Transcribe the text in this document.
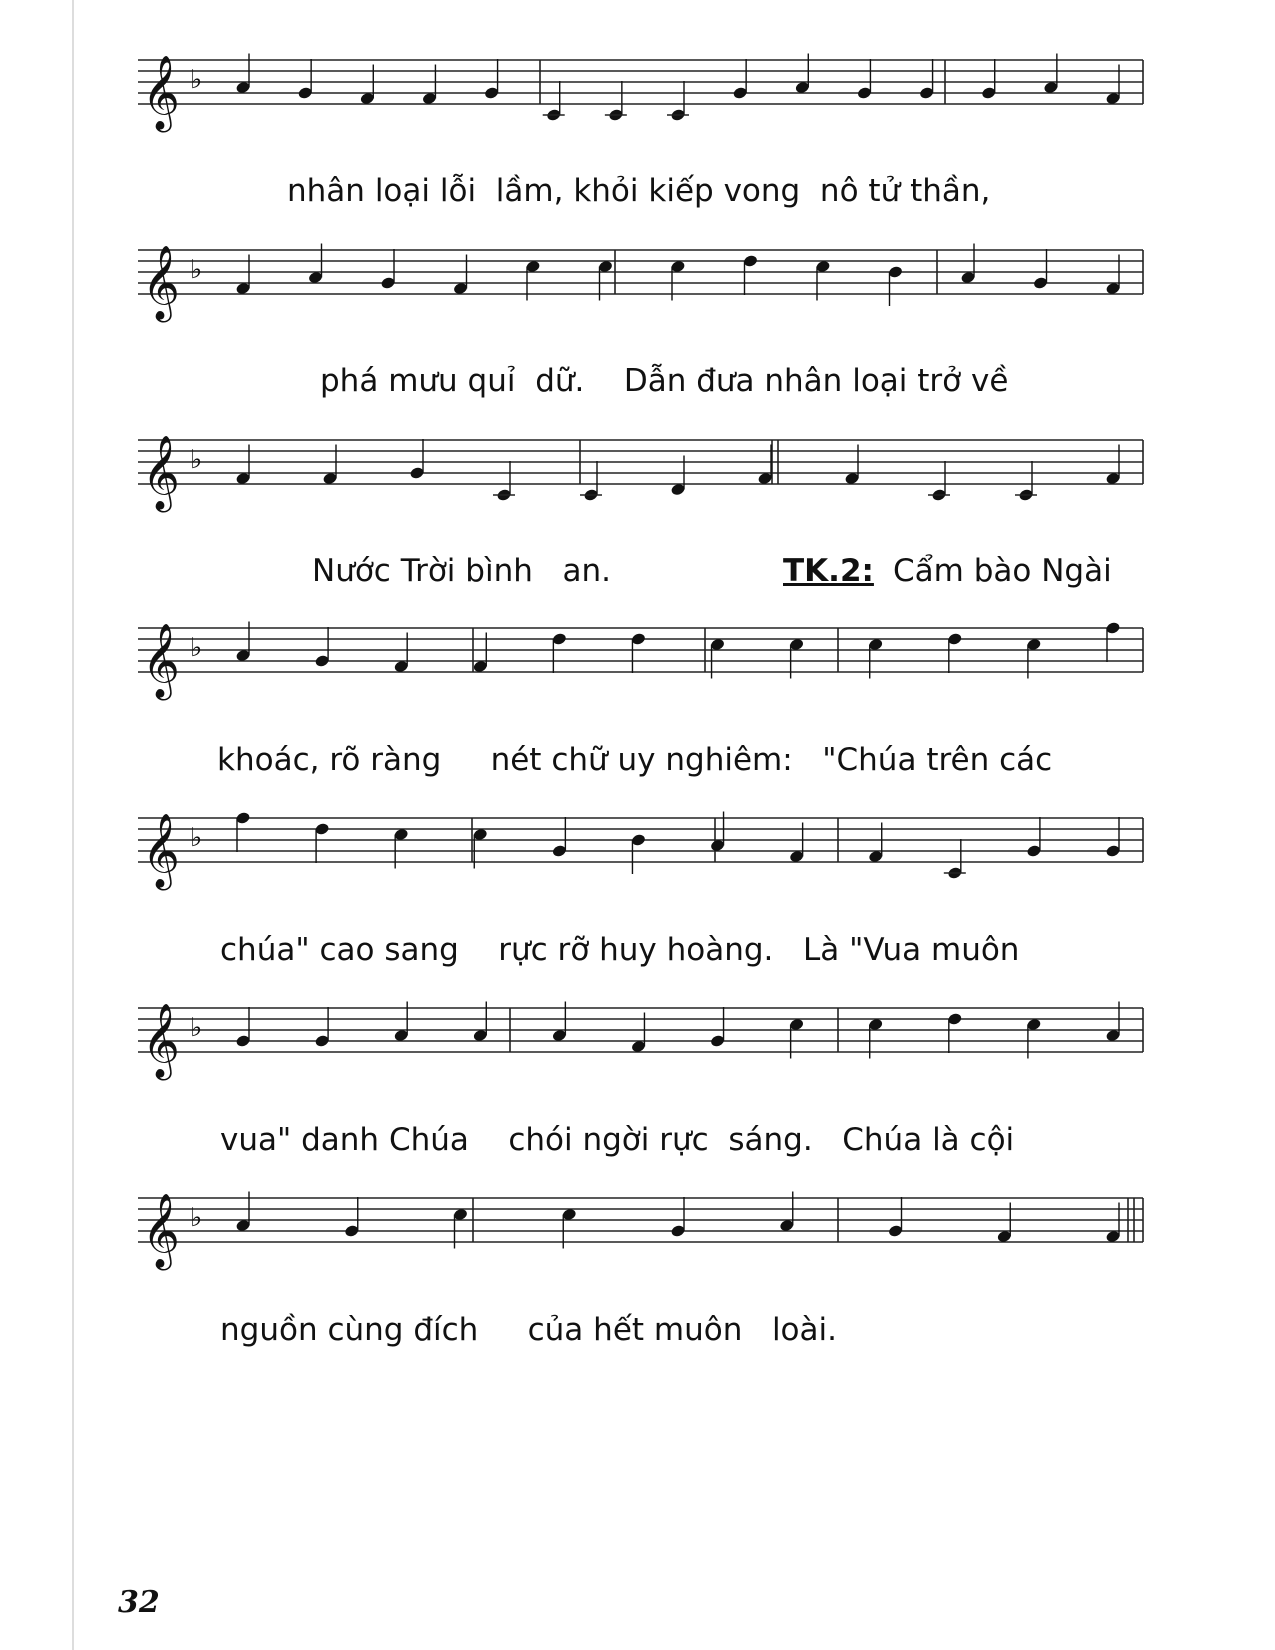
𝄞 ♭
𝄞 ♭
𝄞 ♭
𝄞 ♭
𝄞 ♭
𝄞 ♭
𝄞 ♭
nhân loại lỗi lầm, khỏi kiếp vong nô tử thần,
phá mưu quỉ dữ. Dẫn đưa nhân loại trở về
Nước Trời bình an.	TK.2: Cẩm bào Ngài
khoác, rõ ràng nét chữ uy nghiêm: "Chúa trên các
chúa" cao sang rực rỡ huy hoàng. Là "Vua muôn
vua" danh Chúa chói ngời rực sáng. Chúa là cội
nguồn cùng đích của hết muôn loài.
32
